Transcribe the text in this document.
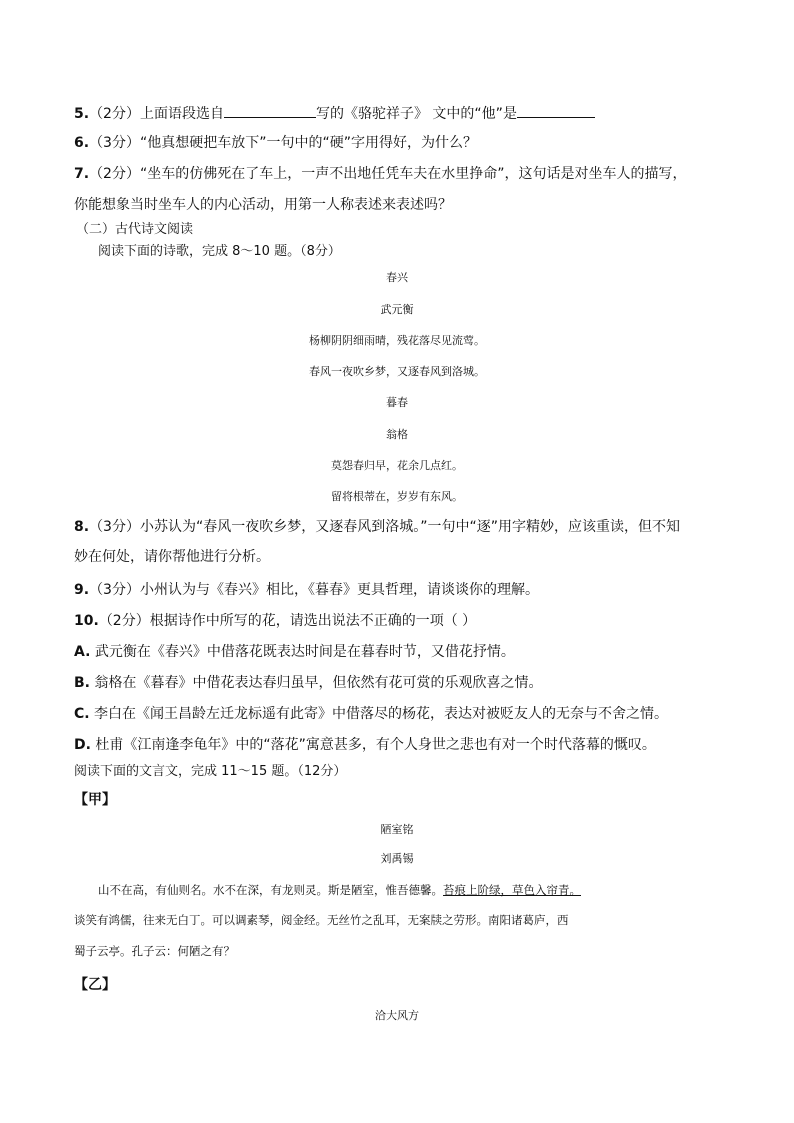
5.（2分）上面语段选自	写的《骆驼祥子》 文中的“他”是
6.（3分）“他真想硬把车放下”一句中的“硬”字用得好，为什么？
7.（2分）“坐车的仿佛死在了车上，一声不出地任凭车夫在水里挣命”，这句话是对坐车人的描写，
你能想象当时坐车人的内心活动，用第一人称表述来表述吗？
（二）古代诗文阅读
阅读下面的诗歌，完成 8～10 题。（8分）
春兴
武元衡
杨柳阴阴细雨晴，残花落尽见流莺。
春风一夜吹乡梦，又逐春风到洛城。
暮春
翁格
莫怨春归早，花余几点红。
留将根蒂在，岁岁有东风。
8.（3分）小苏认为“春风一夜吹乡梦，又逐春风到洛城。”一句中“逐”用字精妙，应该重读，但不知
妙在何处，请你帮他进行分析。
9.（3分）小州认为与《春兴》相比，《暮春》更具哲理，请谈谈你的理解。
10.（2分）根据诗作中所写的花，请选出说法不正确的一项（ ）
A. 武元衡在《春兴》中借落花既表达时间是在暮春时节，又借花抒情。
B. 翁格在《暮春》中借花表达春归虽早，但依然有花可赏的乐观欣喜之情。
C. 李白在《闻王昌龄左迁龙标遥有此寄》中借落尽的杨花，表达对被贬友人的无奈与不舍之情。
D. 杜甫《江南逢李龟年》中的“落花”寓意甚多，有个人身世之悲也有对一个时代落幕的慨叹。
阅读下面的文言文，完成 11～15 题。（12分）
【甲】
陋室铭
刘禹锡
山不在高，有仙则名。水不在深，有龙则灵。斯是陋室，惟吾德馨。苔痕上阶绿，草色入帘青。
谈笑有鸿儒，往来无白丁。可以调素琴，阅金经。无丝竹之乱耳，无案牍之劳形。南阳诸葛庐，西
蜀子云亭。孔子云：何陋之有？
【乙】
洽大风方
